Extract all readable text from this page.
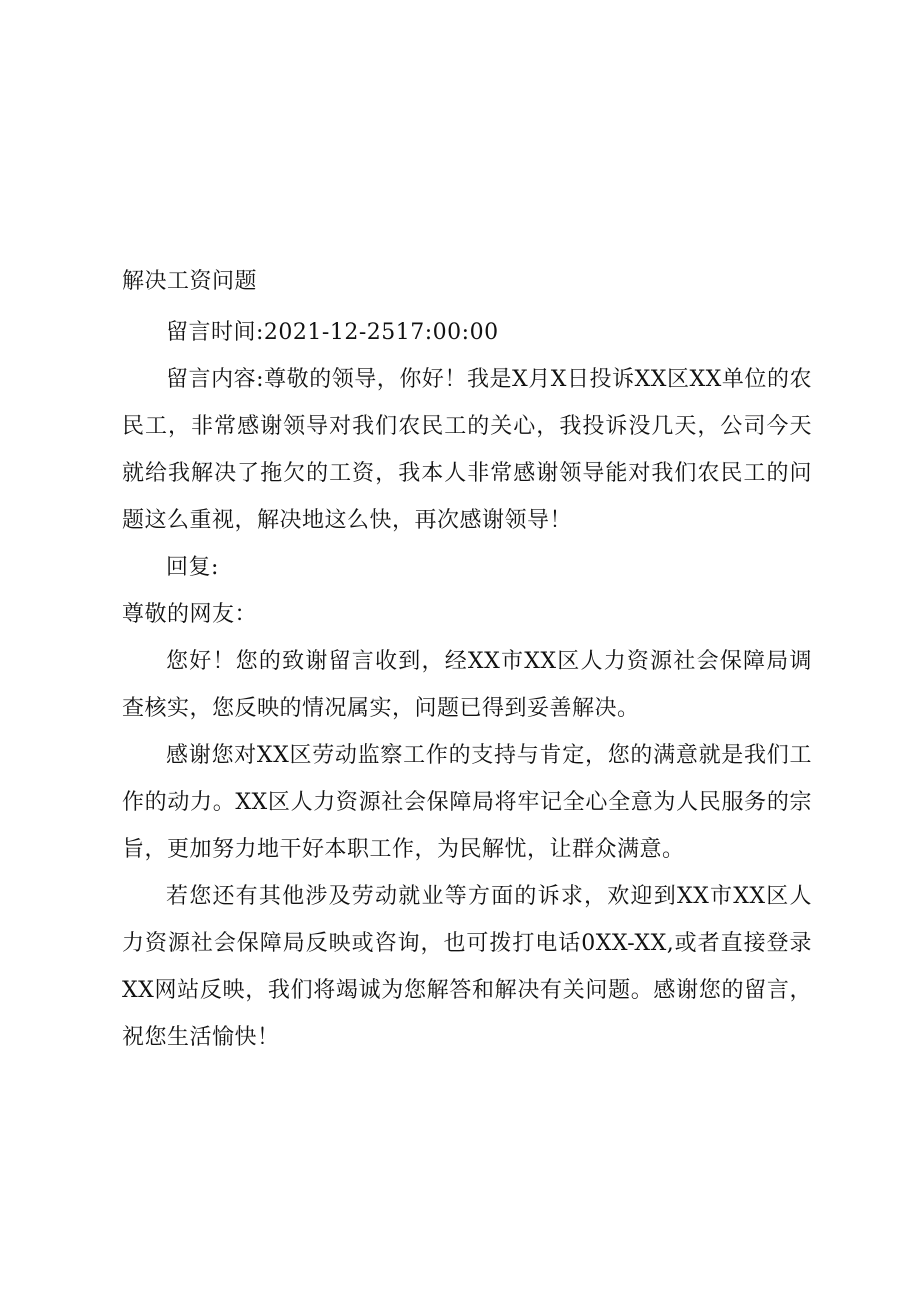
解决工资问题

留言时间:2021-12-2517:00:00

留言内容:尊敬的领导，你好！我是X月X日投诉XX区XX单位的农民工，非常感谢领导对我们农民工的关心，我投诉没几天，公司今天就给我解决了拖欠的工资，我本人非常感谢领导能对我们农民工的问题这么重视，解决地这么快，再次感谢领导！

回复:

尊敬的网友：

您好！您的致谢留言收到，经XX市XX区人力资源社会保障局调查核实，您反映的情况属实，问题已得到妥善解决。

感谢您对XX区劳动监察工作的支持与肯定，您的满意就是我们工作的动力。XX区人力资源社会保障局将牢记全心全意为人民服务的宗旨，更加努力地干好本职工作，为民解忧，让群众满意。

若您还有其他涉及劳动就业等方面的诉求，欢迎到XX市XX区人力资源社会保障局反映或咨询，也可拨打电话0XX-XX,或者直接登录XX网站反映，我们将竭诚为您解答和解决有关问题。感谢您的留言，祝您生活愉快！
